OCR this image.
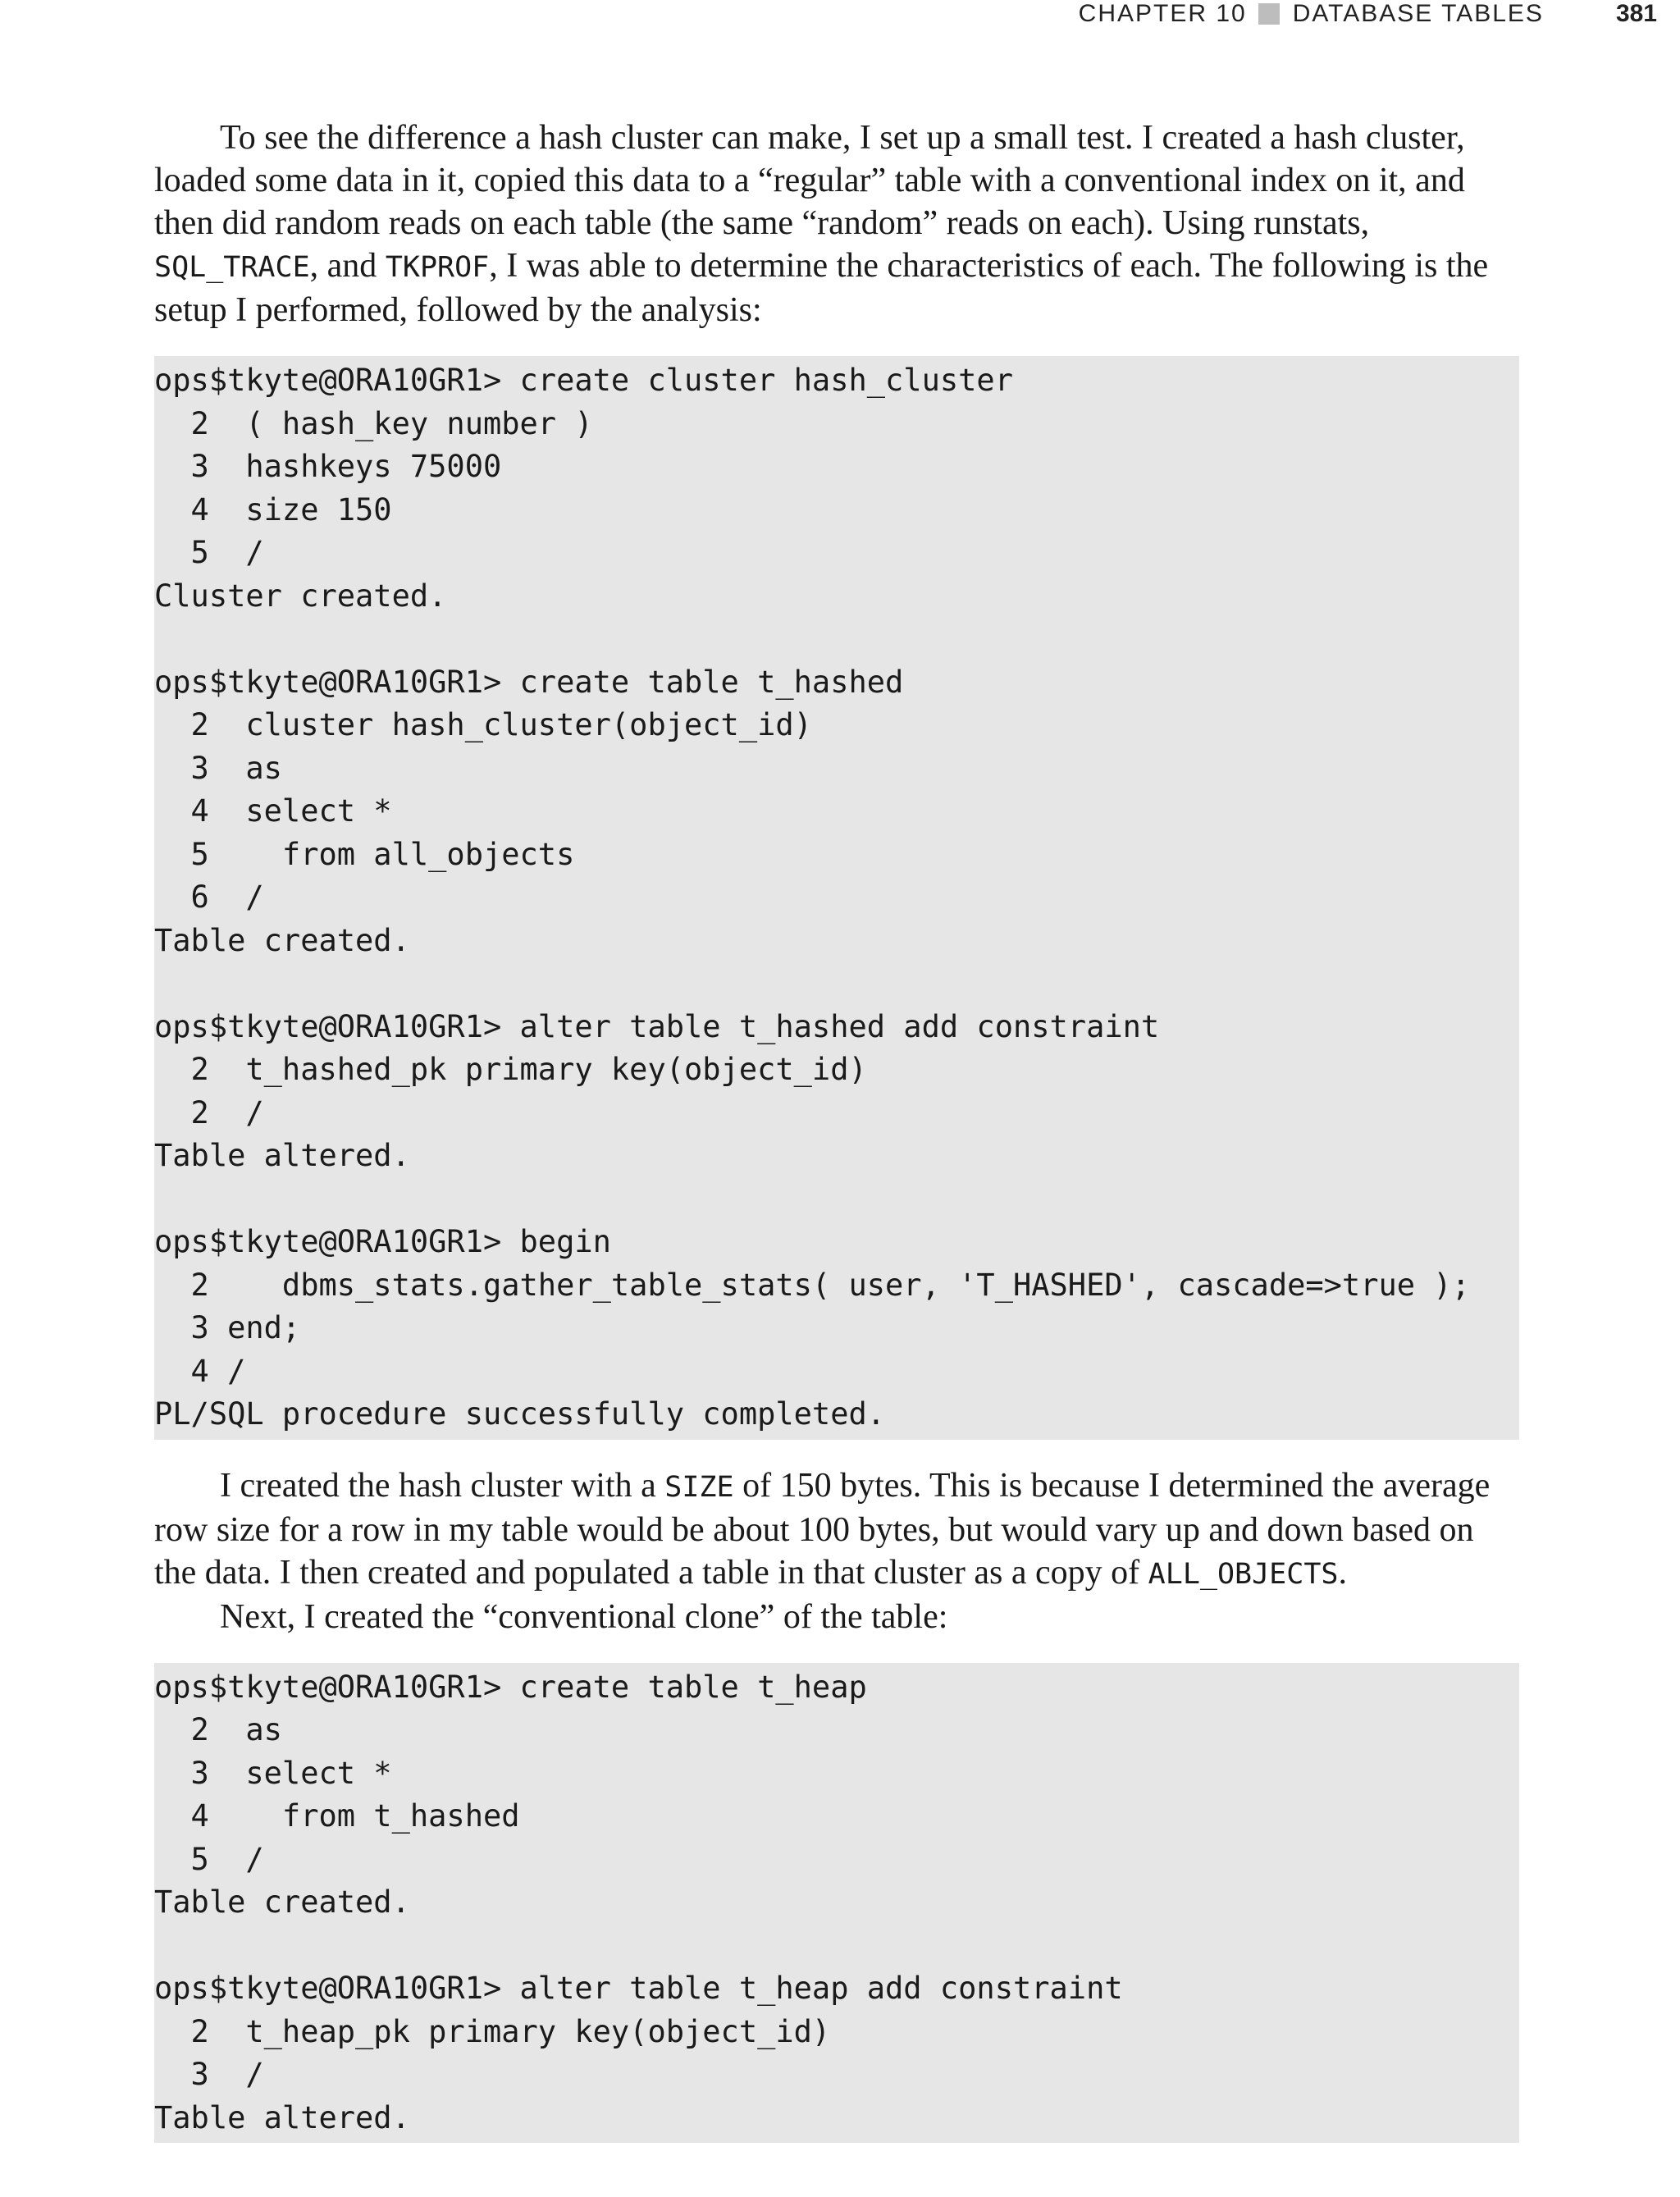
CHAPTER 10 DATABASE TABLES	381

To see the difference a hash cluster can make, I set up a small test. I created a hash cluster, loaded some data in it, copied this data to a “regular” table with a conventional index on it, and then did random reads on each table (the same “random” reads on each). Using runstats, SQL_TRACE, and TKPROF, I was able to determine the characteristics of each. The following is the setup I performed, followed by the analysis:

ops$tkyte@ORA10GR1> create cluster hash_cluster
2  ( hash_key number )
3  hashkeys 75000
4  size 150
5  /
Cluster created.
ops$tkyte@ORA10GR1> create table t_hashed
2  cluster hash_cluster(object_id)
3  as
4  select *
5    from all_objects
6  /
Table created.
ops$tkyte@ORA10GR1> alter table t_hashed add constraint
2  t_hashed_pk primary key(object_id)
2  /
Table altered.
ops$tkyte@ORA10GR1> begin
2    dbms_stats.gather_table_stats( user, 'T_HASHED', cascade=>true );
3 end;
4 /
PL/SQL procedure successfully completed.

I created the hash cluster with a SIZE of 150 bytes. This is because I determined the average row size for a row in my table would be about 100 bytes, but would vary up and down based on the data. I then created and populated a table in that cluster as a copy of ALL_OBJECTS.

Next, I created the “conventional clone” of the table:

ops$tkyte@ORA10GR1> create table t_heap
2  as
3  select *
4    from t_hashed
5  /
Table created.
ops$tkyte@ORA10GR1> alter table t_heap add constraint
2  t_heap_pk primary key(object_id)
3  /
Table altered.
